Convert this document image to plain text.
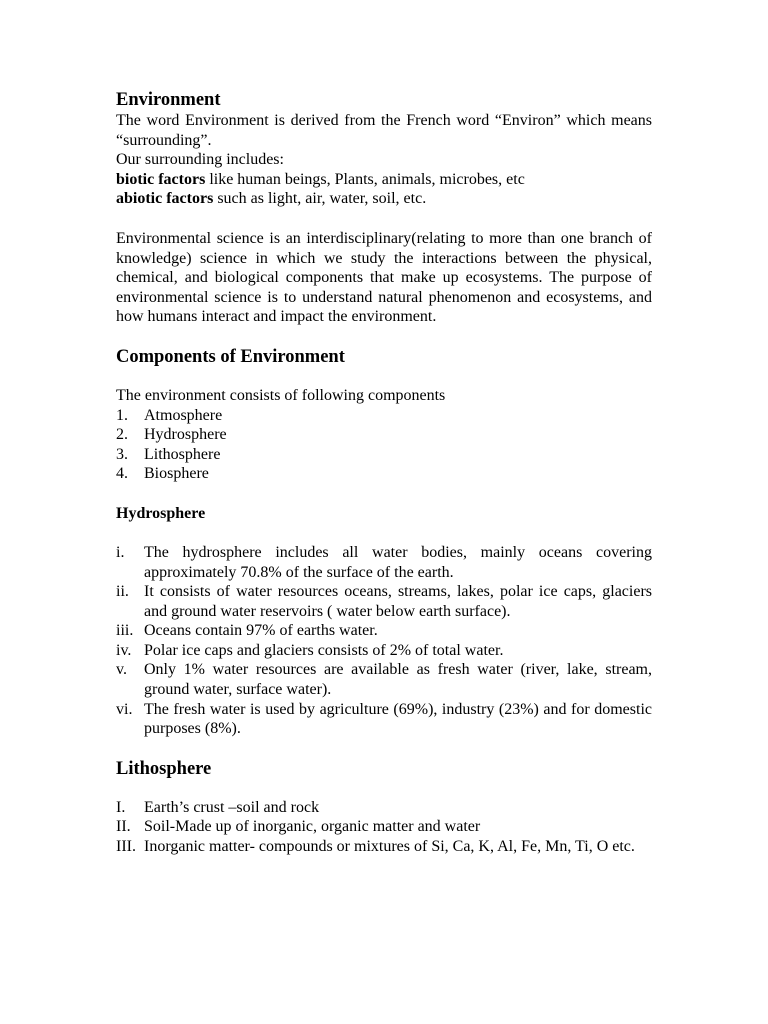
Environment

The word Environment is derived from the French word “Environ” which means “surrounding”.

Our surrounding includes:

biotic factors like human beings, Plants, animals, microbes, etc

abiotic factors such as light, air, water, soil, etc.

Environmental science is an interdisciplinary(relating to more than one branch of knowledge) science in which we study the interactions between the physical, chemical, and biological components that make up ecosystems. The purpose of environmental science is to understand natural phenomenon and ecosystems, and how humans interact and impact the environment.

Components of Environment

The environment consists of following components

1. Atmosphere
2. Hydrosphere
3. Lithosphere
4. Biosphere
Hydrosphere
i. The hydrosphere includes all water bodies, mainly oceans covering approximately 70.8% of the surface of the earth.
ii. It consists of water resources oceans, streams, lakes, polar ice caps, glaciers and ground water reservoirs ( water below earth surface).
iii. Oceans contain 97% of earths water.
iv. Polar ice caps and glaciers consists of 2% of total water.
v. Only 1% water resources are available as fresh water (river, lake, stream, ground water, surface water).
vi. The fresh water is used by agriculture (69%), industry (23%) and for domestic purposes (8%).
Lithosphere
I. Earth’s crust –soil and rock
II. Soil-Made up of inorganic, organic matter and water
III. Inorganic matter- compounds or mixtures of Si, Ca, K, Al, Fe, Mn, Ti, O etc.
